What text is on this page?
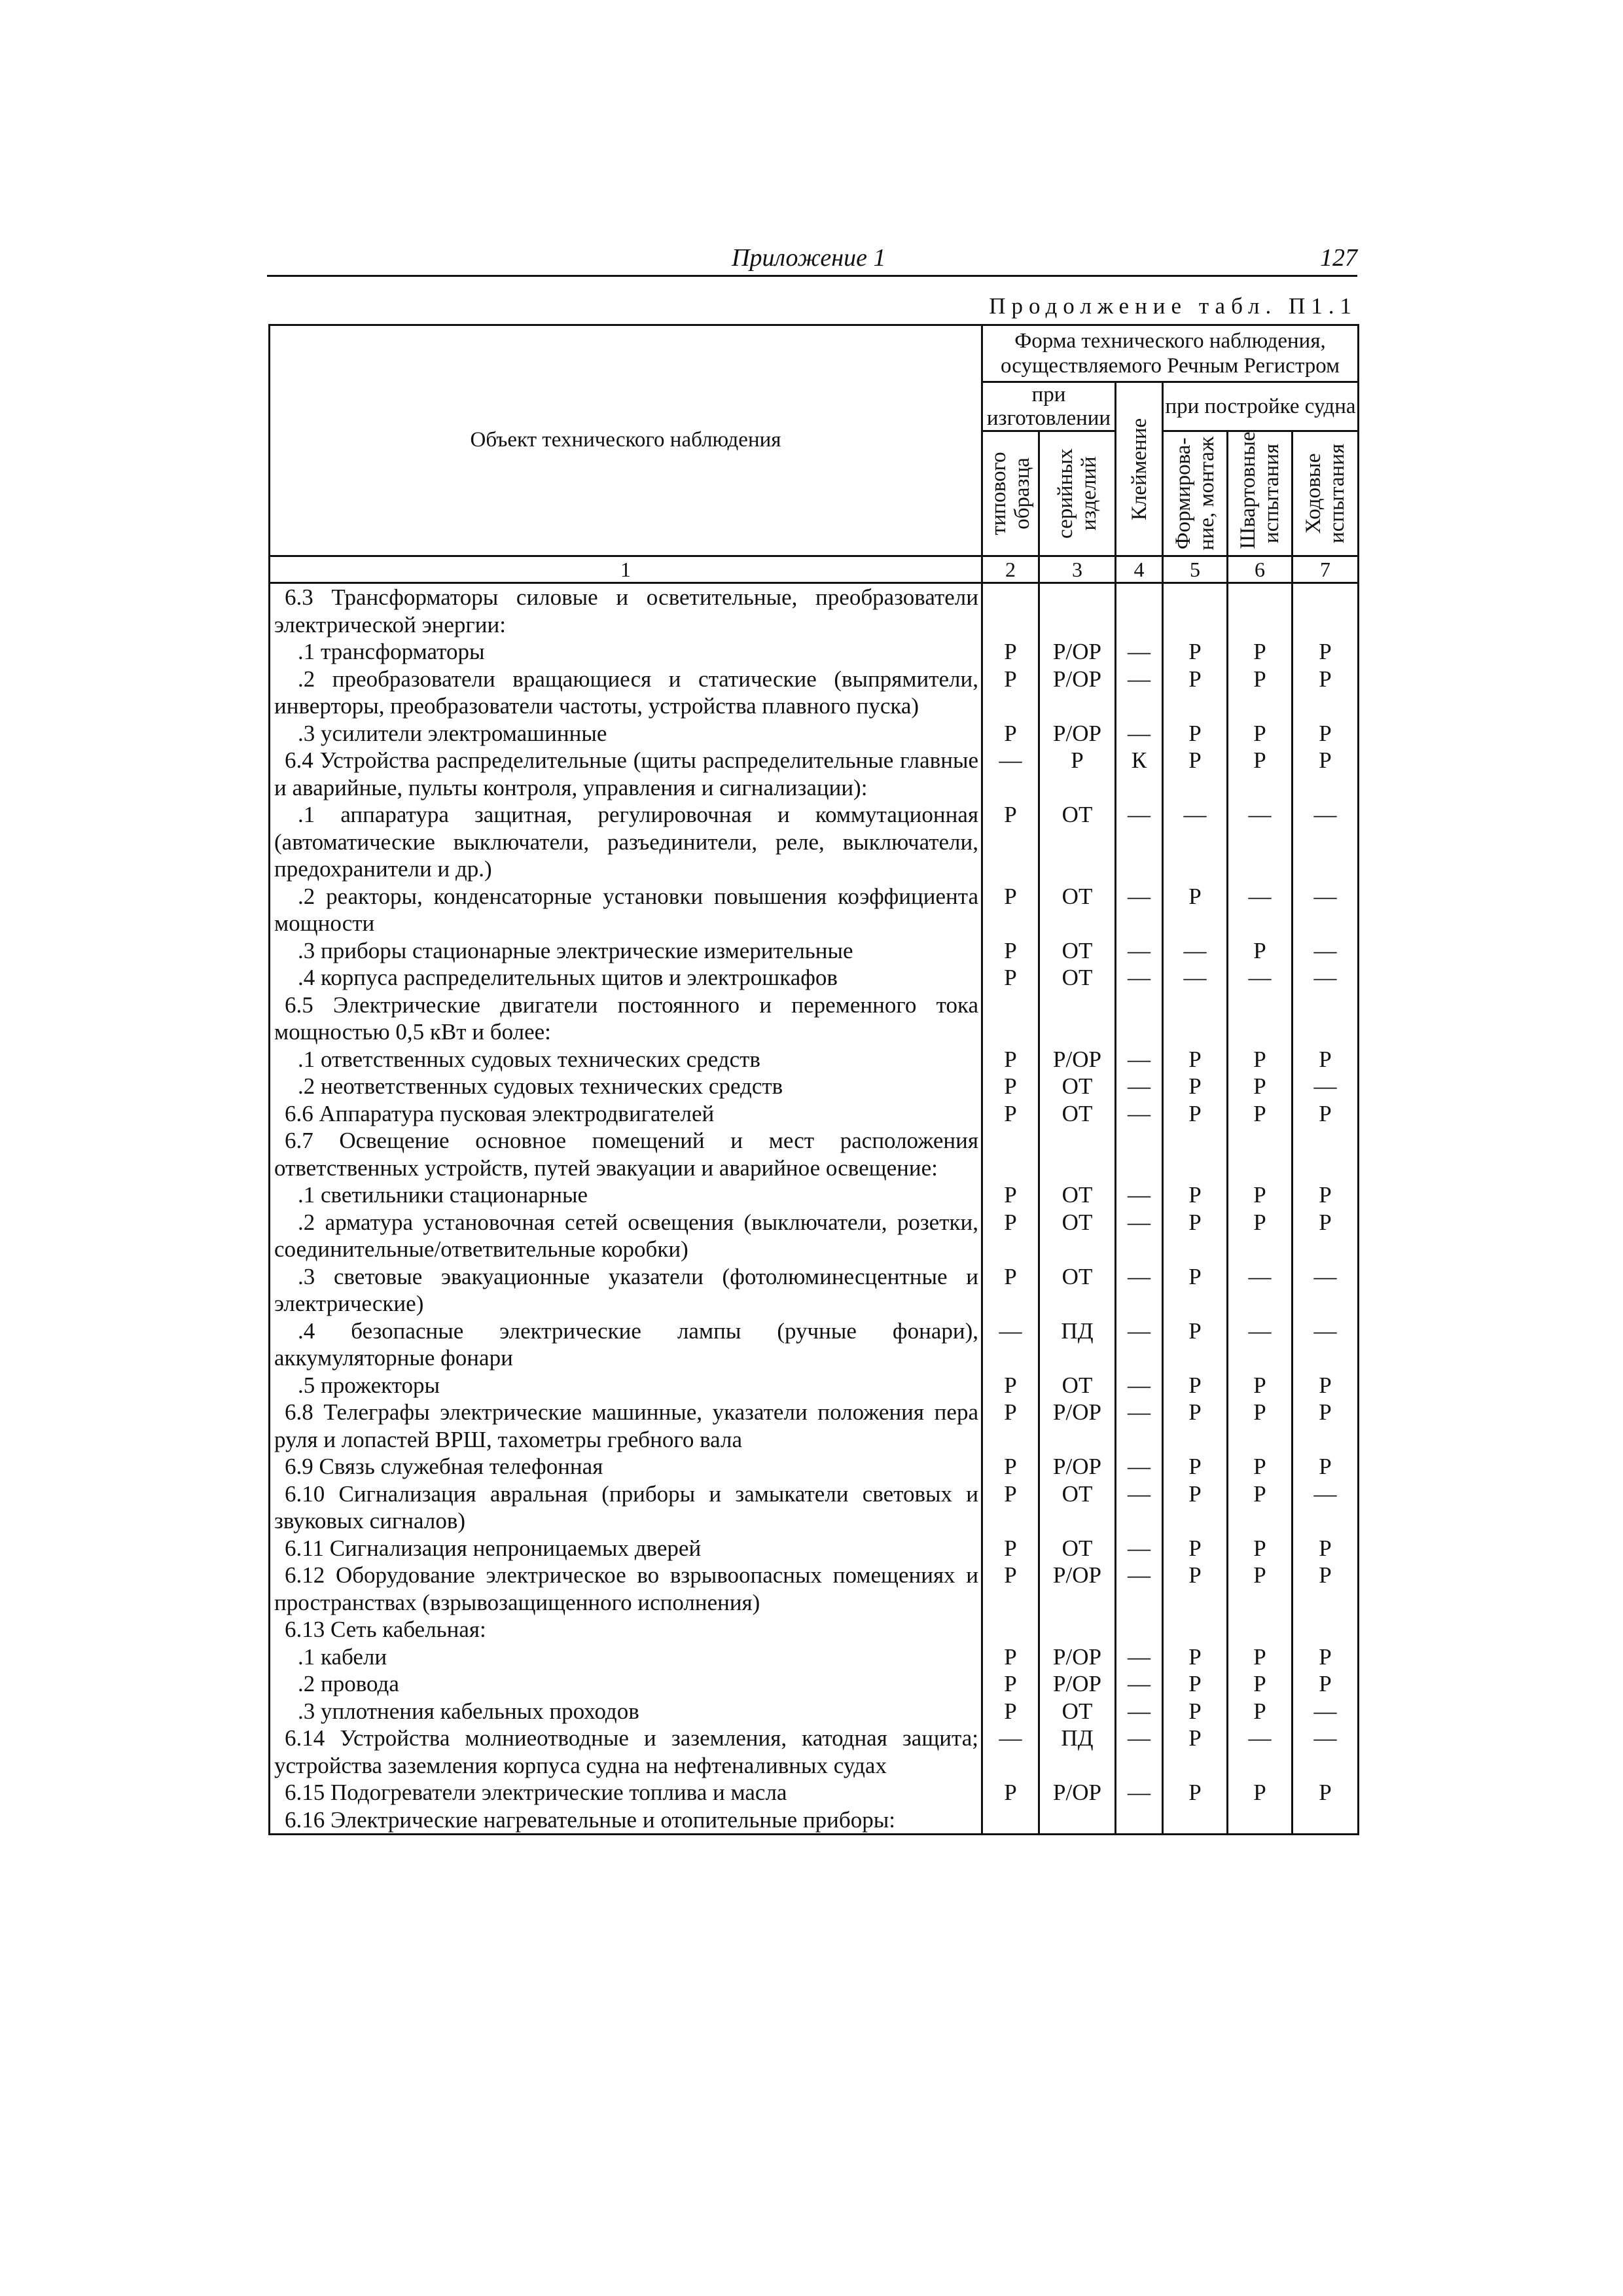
Приложение 1	127
Продолжение табл. П1.1
Объект технического наблюдения	Форма технического наблюдения, осуществляемого Речным Регистром					
	при изготовлении		Клеймение	при постройке судна		

	типового образца	серийных изделий		Формирова-ние, монтаж	Швартовные испытания	Ходовые испытания

1	2	3	4	5	6	7
6.3 Трансформаторы силовые и осветительные, преобразователи электрической энергии:						
.1 трансформаторы	Р	Р/ОР	—	Р	Р	Р
.2 преобразователи вращающиеся и статические (выпрямители, инверторы, преобразователи частоты, устройства плавного пуска)	Р	Р/ОР	—	Р	Р	Р
.3 усилители электромашинные	Р	Р/ОР	—	Р	Р	Р
6.4 Устройства распределительные (щиты распределительные главные и аварийные, пульты контроля, управления и сигнализации):	—	Р	К	Р	Р	Р
.1 аппаратура защитная, регулировочная и коммутационная (автоматические выключатели, разъединители, реле, выключатели, предохранители и др.)	Р	ОТ	—	—	—	—
.2 реакторы, конденсаторные установки повышения коэффициента мощности	Р	ОТ	—	Р	—	—
.3 приборы стационарные электрические измерительные	Р	ОТ	—	—	Р	—
.4 корпуса распределительных щитов и электрошкафов	Р	ОТ	—	—	—	—
6.5 Электрические двигатели постоянного и переменного тока мощностью 0,5 кВт и более:						
.1 ответственных судовых технических средств	Р	Р/ОР	—	Р	Р	Р
.2 неответственных судовых технических средств	Р	ОТ	—	Р	Р	—
6.6 Аппаратура пусковая электродвигателей	Р	ОТ	—	Р	Р	Р
6.7 Освещение основное помещений и мест расположения ответственных устройств, путей эвакуации и аварийное освещение:						
.1 светильники стационарные	Р	ОТ	—	Р	Р	Р
.2 арматура установочная сетей освещения (выключатели, розетки, соединительные/ответвительные коробки)	Р	ОТ	—	Р	Р	Р
.3 световые эвакуационные указатели (фотолюминесцентные и электрические)	Р	ОТ	—	Р	—	—
.4 безопасные электрические лампы (ручные фонари), аккумуляторные фонари	—	ПД	—	Р	—	—
.5 прожекторы	Р	ОТ	—	Р	Р	Р
6.8 Телеграфы электрические машинные, указатели положения пера руля и лопастей ВРШ, тахометры гребного вала	Р	Р/ОР	—	Р	Р	Р
6.9 Связь служебная телефонная	Р	Р/ОР	—	Р	Р	Р
6.10 Сигнализация авральная (приборы и замыкатели световых и звуковых сигналов)	Р	ОТ	—	Р	Р	—
6.11 Сигнализация непроницаемых дверей	Р	ОТ	—	Р	Р	Р
6.12 Оборудование электрическое во взрывоопасных помещениях и пространствах (взрывозащищенного исполнения)	Р	Р/ОР	—	Р	Р	Р
6.13 Сеть кабельная:						
.1 кабели	Р	Р/ОР	—	Р	Р	Р
.2 провода	Р	Р/ОР	—	Р	Р	Р
.3 уплотнения кабельных проходов	Р	ОТ	—	Р	Р	—
6.14 Устройства молниеотводные и заземления, катодная защита; устройства заземления корпуса судна на нефтеналивных судах	—	ПД	—	Р	—	—
6.15 Подогреватели электрические топлива и масла	Р	Р/ОР	—	Р	Р	Р
6.16 Электрические нагревательные и отопительные приборы:						
